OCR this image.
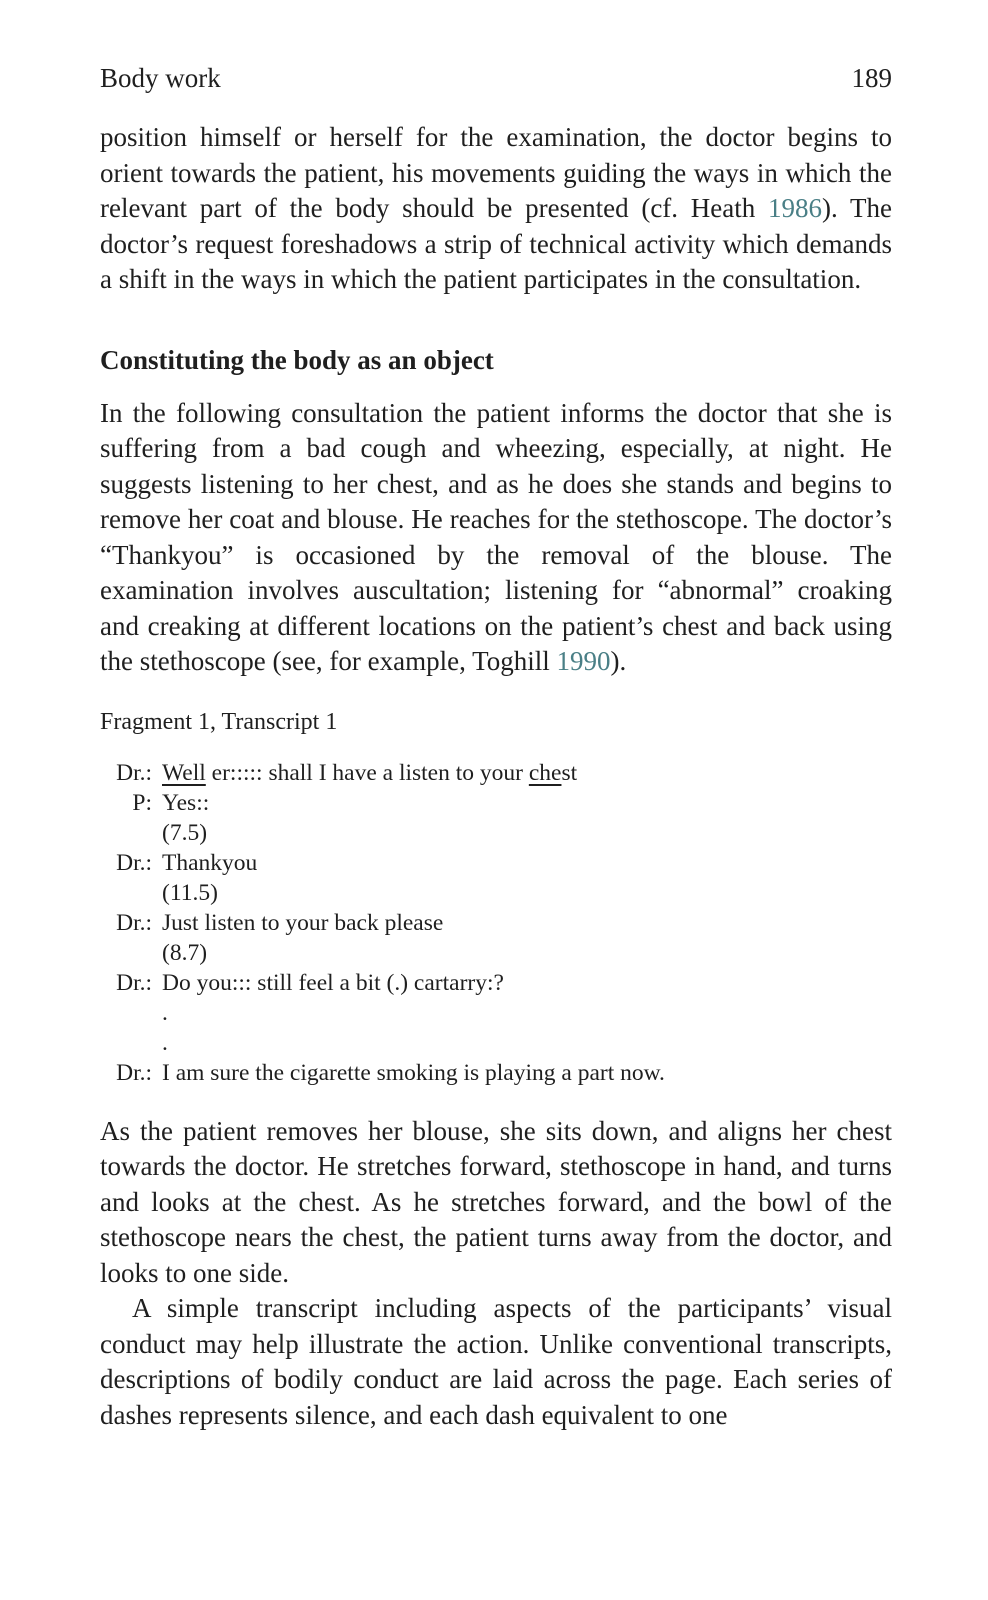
Body work	189

position himself or herself for the examination, the doctor begins to orient towards the patient, his movements guiding the ways in which the relevant part of the body should be presented (cf. Heath 1986). The doctor’s request foreshadows a strip of technical activity which demands a shift in the ways in which the patient participates in the consultation.

Constituting the body as an object

In the following consultation the patient informs the doctor that she is suffering from a bad cough and wheezing, especially, at night. He suggests listening to her chest, and as he does she stands and begins to remove her coat and blouse. He reaches for the stethoscope. The doctor’s “Thankyou” is occasioned by the removal of the blouse. The examination involves auscultation; listening for “abnormal” croaking and creaking at different locations on the patient’s chest and back using the stethoscope (see, for example, Toghill 1990).

Fragment 1, Transcript 1
Dr.: Well er::::: shall I have a listen to your chest
P: Yes::
(7.5)
Dr.: Thankyou
(11.5)
Dr.: Just listen to your back please
(8.7)
Dr.: Do you::: still feel a bit (.) cartarry:?
.
.
Dr.: I am sure the cigarette smoking is playing a part now.

As the patient removes her blouse, she sits down, and aligns her chest towards the doctor. He stretches forward, stethoscope in hand, and turns and looks at the chest. As he stretches forward, and the bowl of the stethoscope nears the chest, the patient turns away from the doctor, and looks to one side.

A simple transcript including aspects of the participants’ visual conduct may help illustrate the action. Unlike conventional transcripts, descriptions of bodily conduct are laid across the page. Each series of dashes represents silence, and each dash equivalent to one
